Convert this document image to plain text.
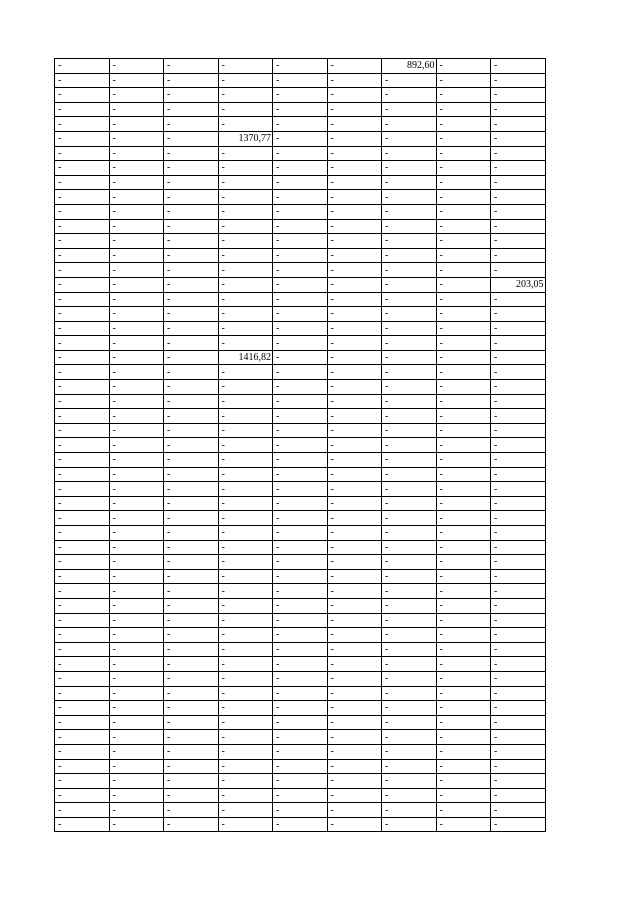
-	-	-	-	-	-	892,60	-	-
-	-	-	-	-	-	-	-	-
-	-	-	-	-	-	-	-	-
-	-	-	-	-	-	-	-	-
-	-	-	-	-	-	-	-	-
-	-	-	1370,77	-	-	-	-	-
-	-	-	-	-	-	-	-	-
-	-	-	-	-	-	-	-	-
-	-	-	-	-	-	-	-	-
-	-	-	-	-	-	-	-	-
-	-	-	-	-	-	-	-	-
-	-	-	-	-	-	-	-	-
-	-	-	-	-	-	-	-	-
-	-	-	-	-	-	-	-	-
-	-	-	-	-	-	-	-	-
-	-	-	-	-	-	-	-	203,05
-	-	-	-	-	-	-	-	-
-	-	-	-	-	-	-	-	-
-	-	-	-	-	-	-	-	-
-	-	-	-	-	-	-	-	-
-	-	-	1416,82	-	-	-	-	-
-	-	-	-	-	-	-	-	-
-	-	-	-	-	-	-	-	-
-	-	-	-	-	-	-	-	-
-	-	-	-	-	-	-	-	-
-	-	-	-	-	-	-	-	-
-	-	-	-	-	-	-	-	-
-	-	-	-	-	-	-	-	-
-	-	-	-	-	-	-	-	-
-	-	-	-	-	-	-	-	-
-	-	-	-	-	-	-	-	-
-	-	-	-	-	-	-	-	-
-	-	-	-	-	-	-	-	-
-	-	-	-	-	-	-	-	-
-	-	-	-	-	-	-	-	-
-	-	-	-	-	-	-	-	-
-	-	-	-	-	-	-	-	-
-	-	-	-	-	-	-	-	-
-	-	-	-	-	-	-	-	-
-	-	-	-	-	-	-	-	-
-	-	-	-	-	-	-	-	-
-	-	-	-	-	-	-	-	-
-	-	-	-	-	-	-	-	-
-	-	-	-	-	-	-	-	-
-	-	-	-	-	-	-	-	-
-	-	-	-	-	-	-	-	-
-	-	-	-	-	-	-	-	-
-	-	-	-	-	-	-	-	-
-	-	-	-	-	-	-	-	-
-	-	-	-	-	-	-	-	-
-	-	-	-	-	-	-	-	-
-	-	-	-	-	-	-	-	-
-	-	-	-	-	-	-	-	-
